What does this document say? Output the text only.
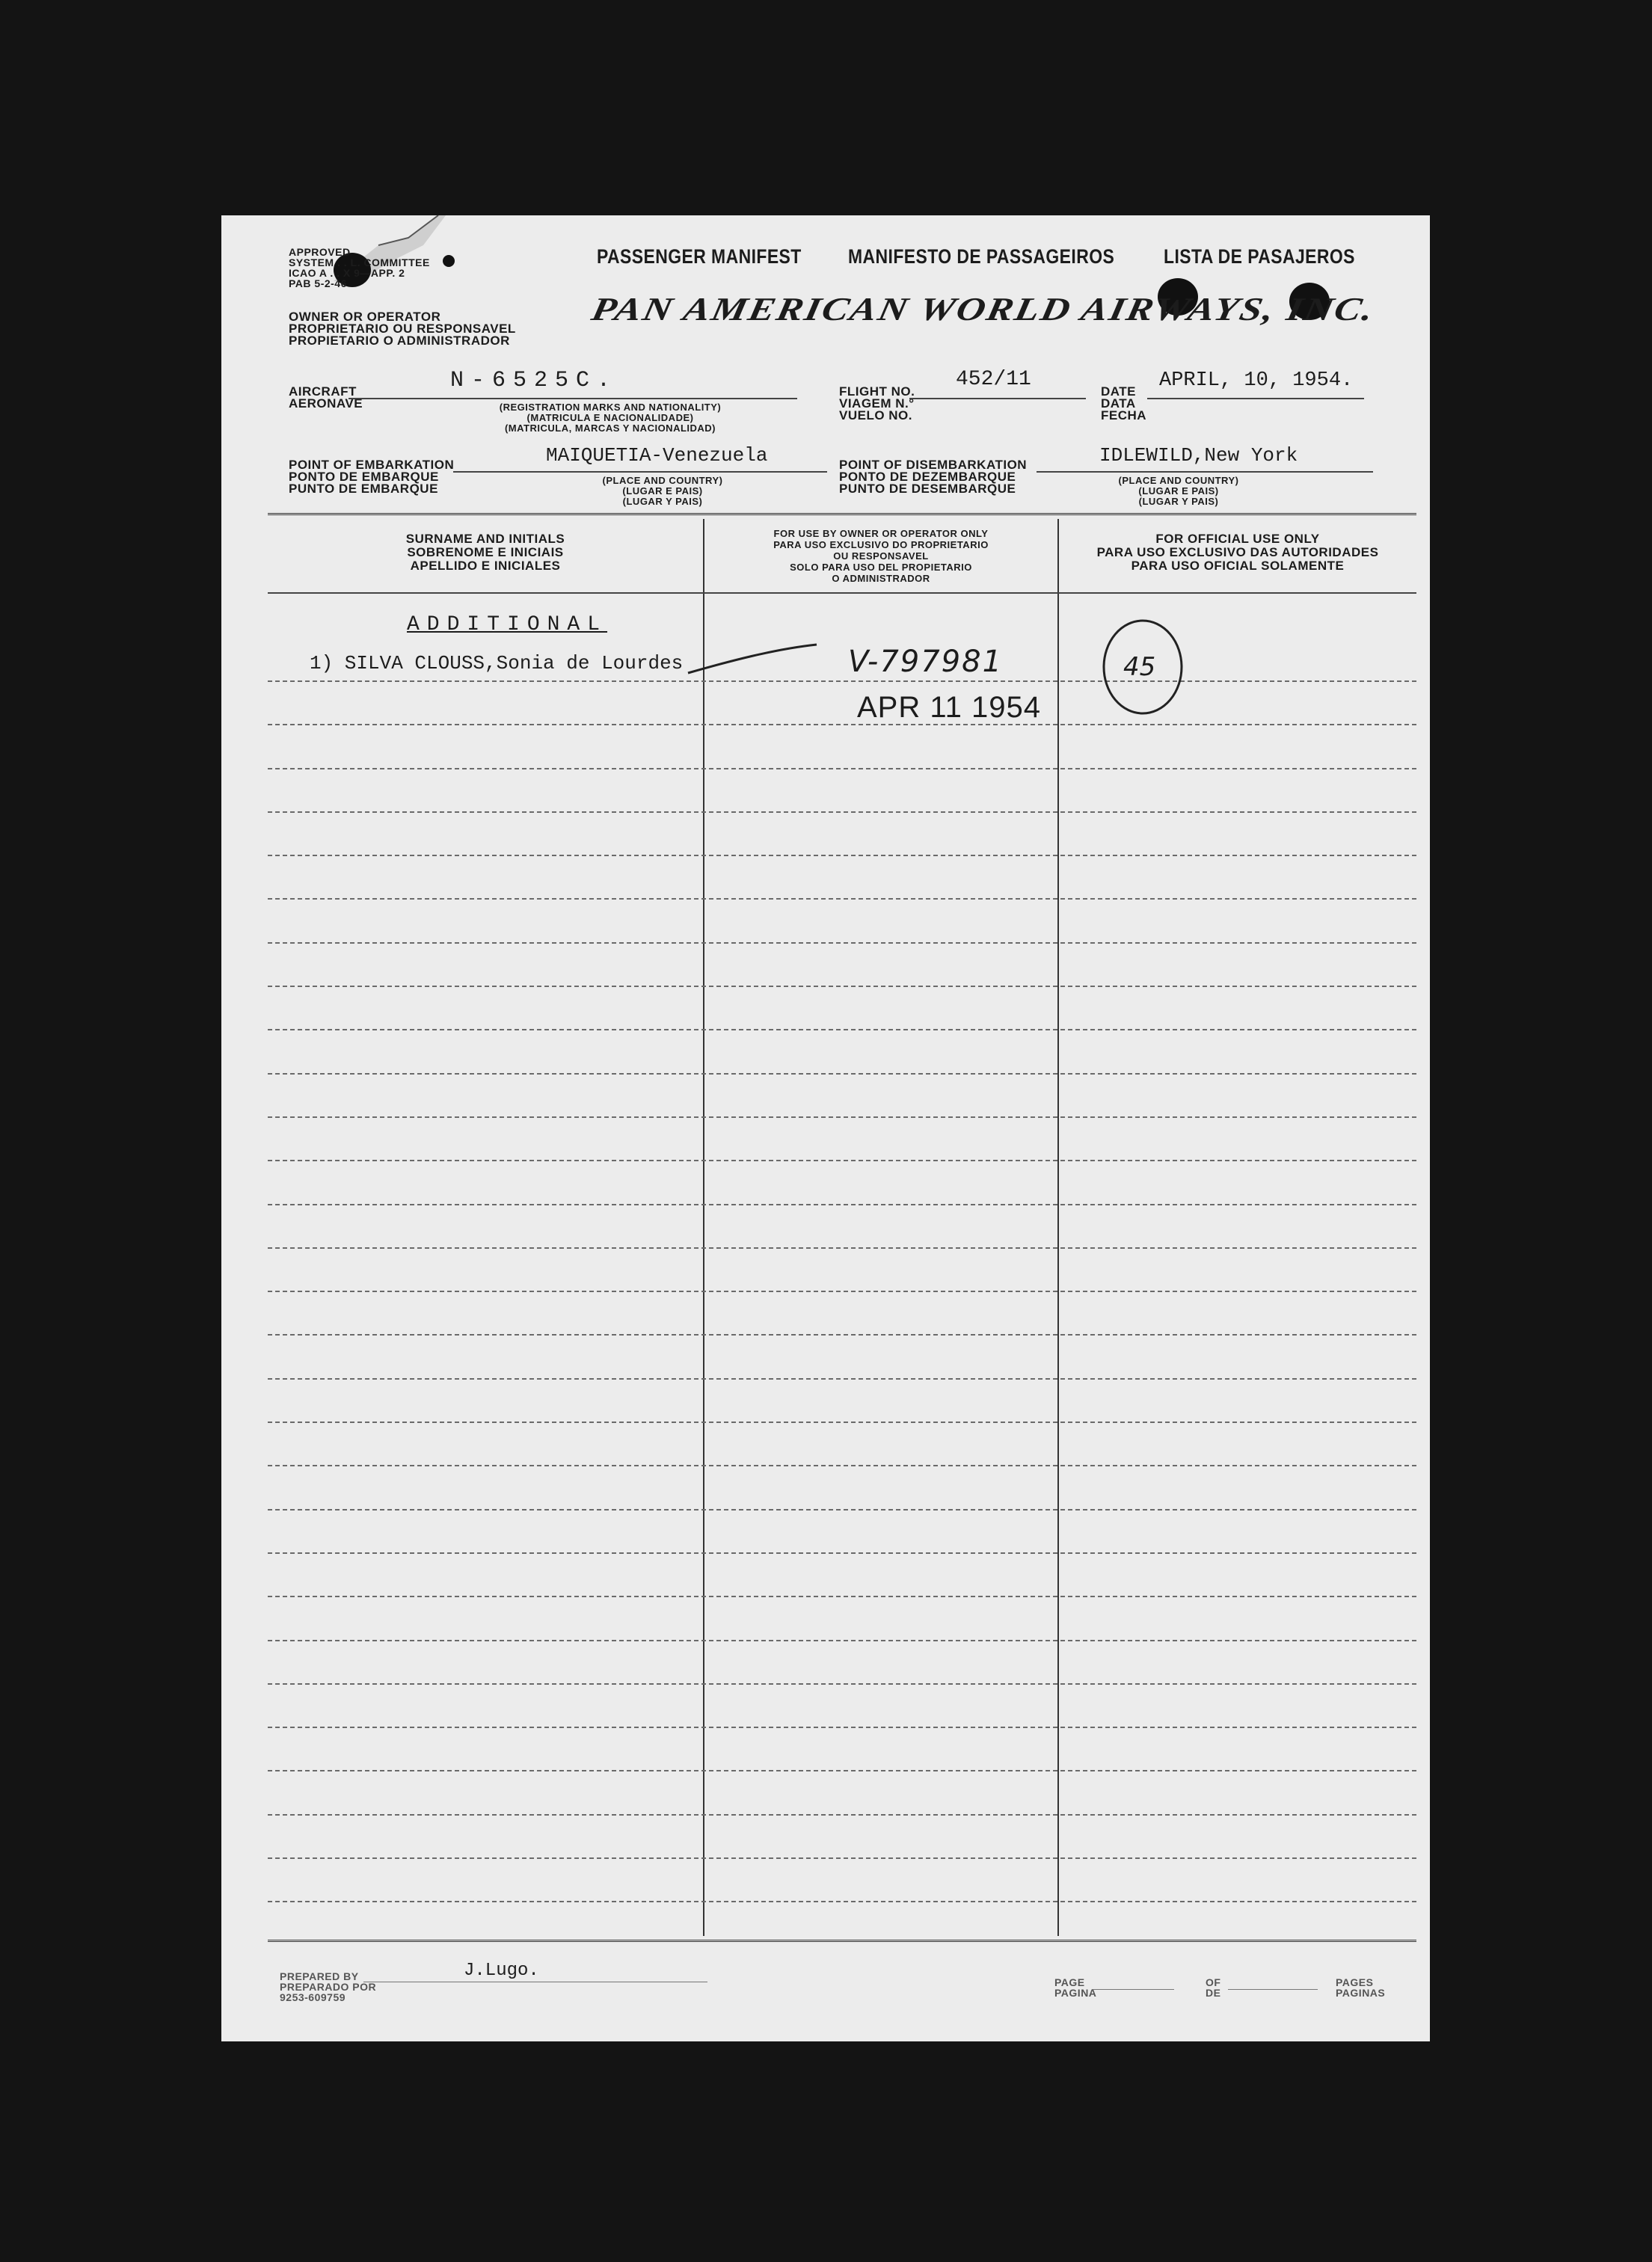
APPROVED
SYSTEM . . L. COMMITTEE
ICAO A . . X 9—APP. 2
PAB 5-2-46
PASSENGER MANIFEST MANIFESTO DE PASSAGEIROS LISTA DE PASAJEROS
OWNER OR OPERATOR
PROPRIETARIO OU RESPONSAVEL
PROPIETARIO O ADMINISTRADOR
PAN AMERICAN WORLD AIRWAYS, INC.
AIRCRAFT
AERONAVE
N-6525C.
(REGISTRATION MARKS AND NATIONALITY)
(MATRICULA E NACIONALIDADE)
(MATRICULA, MARCAS Y NACIONALIDAD)
FLIGHT NO.
VIAGEM N.°
VUELO NO.
452/11
DATE
DATA
FECHA
APRIL, 10, 1954.
POINT OF EMBARKATION
PONTO DE EMBARQUE
PUNTO DE EMBARQUE
MAIQUETIA-Venezuela
(PLACE AND COUNTRY)
(LUGAR E PAIS)
(LUGAR Y PAIS)
POINT OF DISEMBARKATION
PONTO DE DEZEMBARQUE
PUNTO DE DESEMBARQUE
IDLEWILD,New York
(PLACE AND COUNTRY)
(LUGAR E PAIS)
(LUGAR Y PAIS)
SURNAME AND INITIALS
SOBRENOME E INICIAIS
APELLIDO E INICIALES
FOR USE BY OWNER OR OPERATOR ONLY
PARA USO EXCLUSIVO DO PROPRIETARIO
OU RESPONSAVEL
SOLO PARA USO DEL PROPIETARIO
O ADMINISTRADOR
FOR OFFICIAL USE ONLY
PARA USO EXCLUSIVO DAS AUTORIDADES
PARA USO OFICIAL SOLAMENTE
ADDITIONAL
1) SILVA CLOUSS,Sonia de Lourdes	V-797981
APR 11 1954
45
PREPARED BY
PREPARADO POR
9253-609759
J.Lugo.
PAGE
PAGINA
OF
DE
PAGES
PAGINAS
